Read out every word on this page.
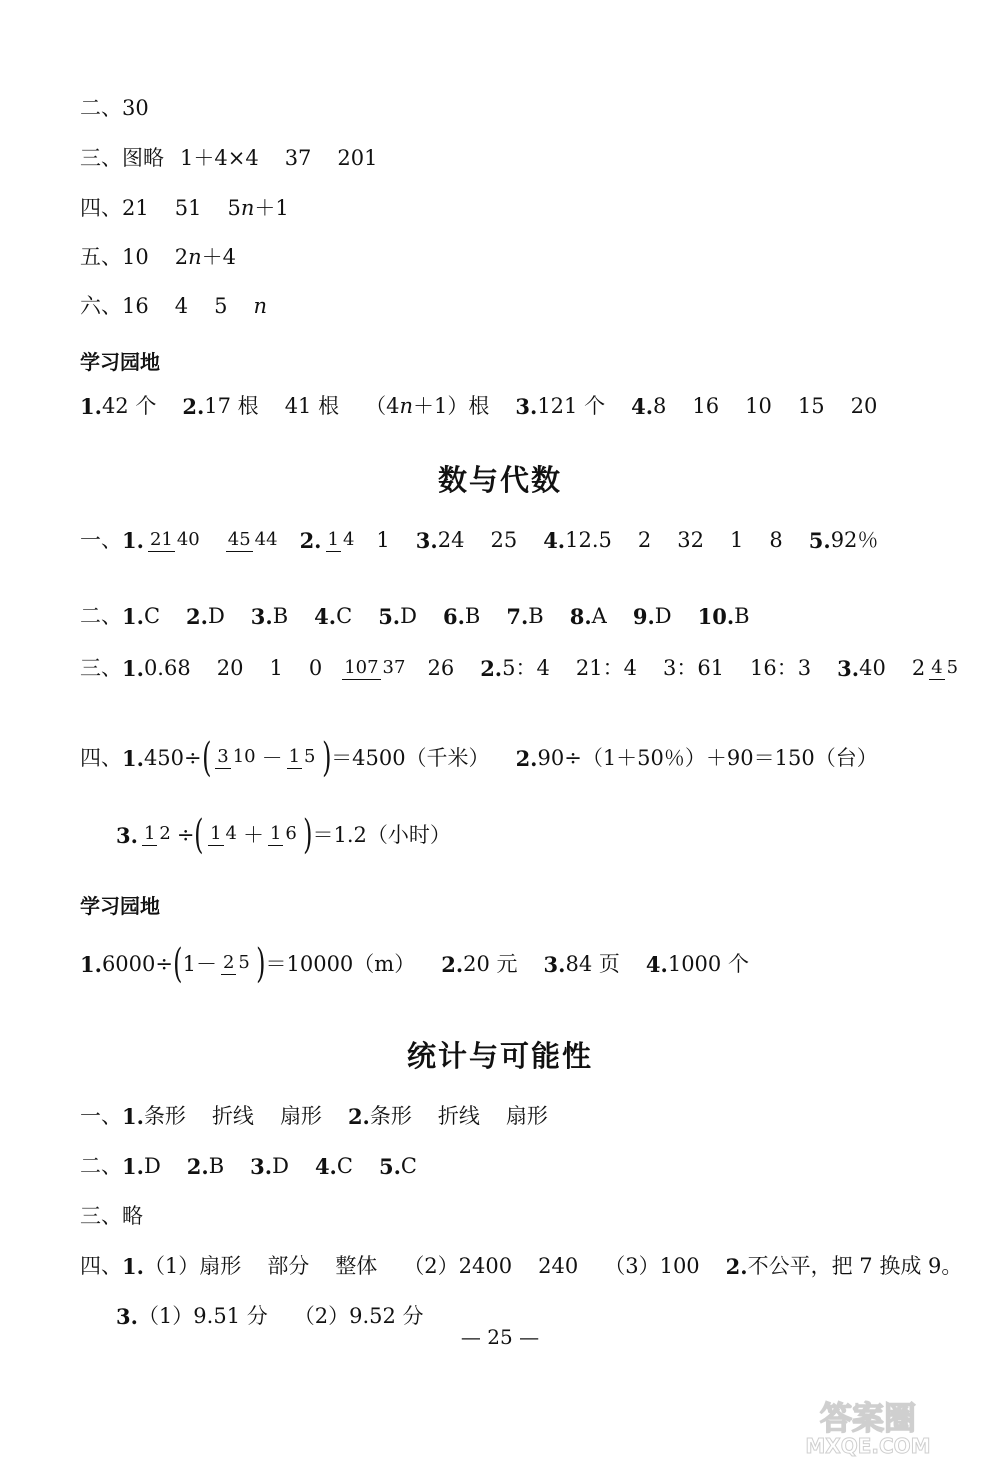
二、30
三、图略 1＋4×4 37 201
四、21 51 5 n ＋1
五、10 2 n ＋4
六、16 4 5 n
学习园地
1. 42 个 2. 17 根 41 根 （4 n ＋1）根 3. 121 个 4. 8 16 10 15 20
数与代数
一、 1. 21 40 45 44 2. 1 4 1 3. 24 25 4. 12.5 2 32 1 8 5. 92％
二、 1. C 2. D 3. B 4. C 5. D 6. B 7. B 8. A 9. D 10. B
三、 1. 0.68 20 1 0 107 37 26 2. 5：4 21：4 3：61 16：3 3. 40 2 4 5
四、 1. 450÷ ( 3 10 － 1 5 ) ＝4500（千米） 2. 90÷（1＋50％）＋90＝150（台）
3. 1 2 ÷ ( 1 4 ＋ 1 6 ) ＝1.2（小时）
学习园地
1. 6000÷ ( 1－ 2 5 ) ＝10000（m） 2. 20 元 3. 84 页 4. 1000 个
统计与可能性
一、 1. 条形 折线 扇形 2. 条形 折线 扇形
二、 1. D 2. B 3. D 4. C 5. C
三、略
四、 1. （1）扇形 部分 整体 （2）2400 240 （3）100 2. 不公平，把 7 换成 9。
3. （1）9.51 分 （2）9.52 分
— 25 —
答案圈
MXQE.COM
